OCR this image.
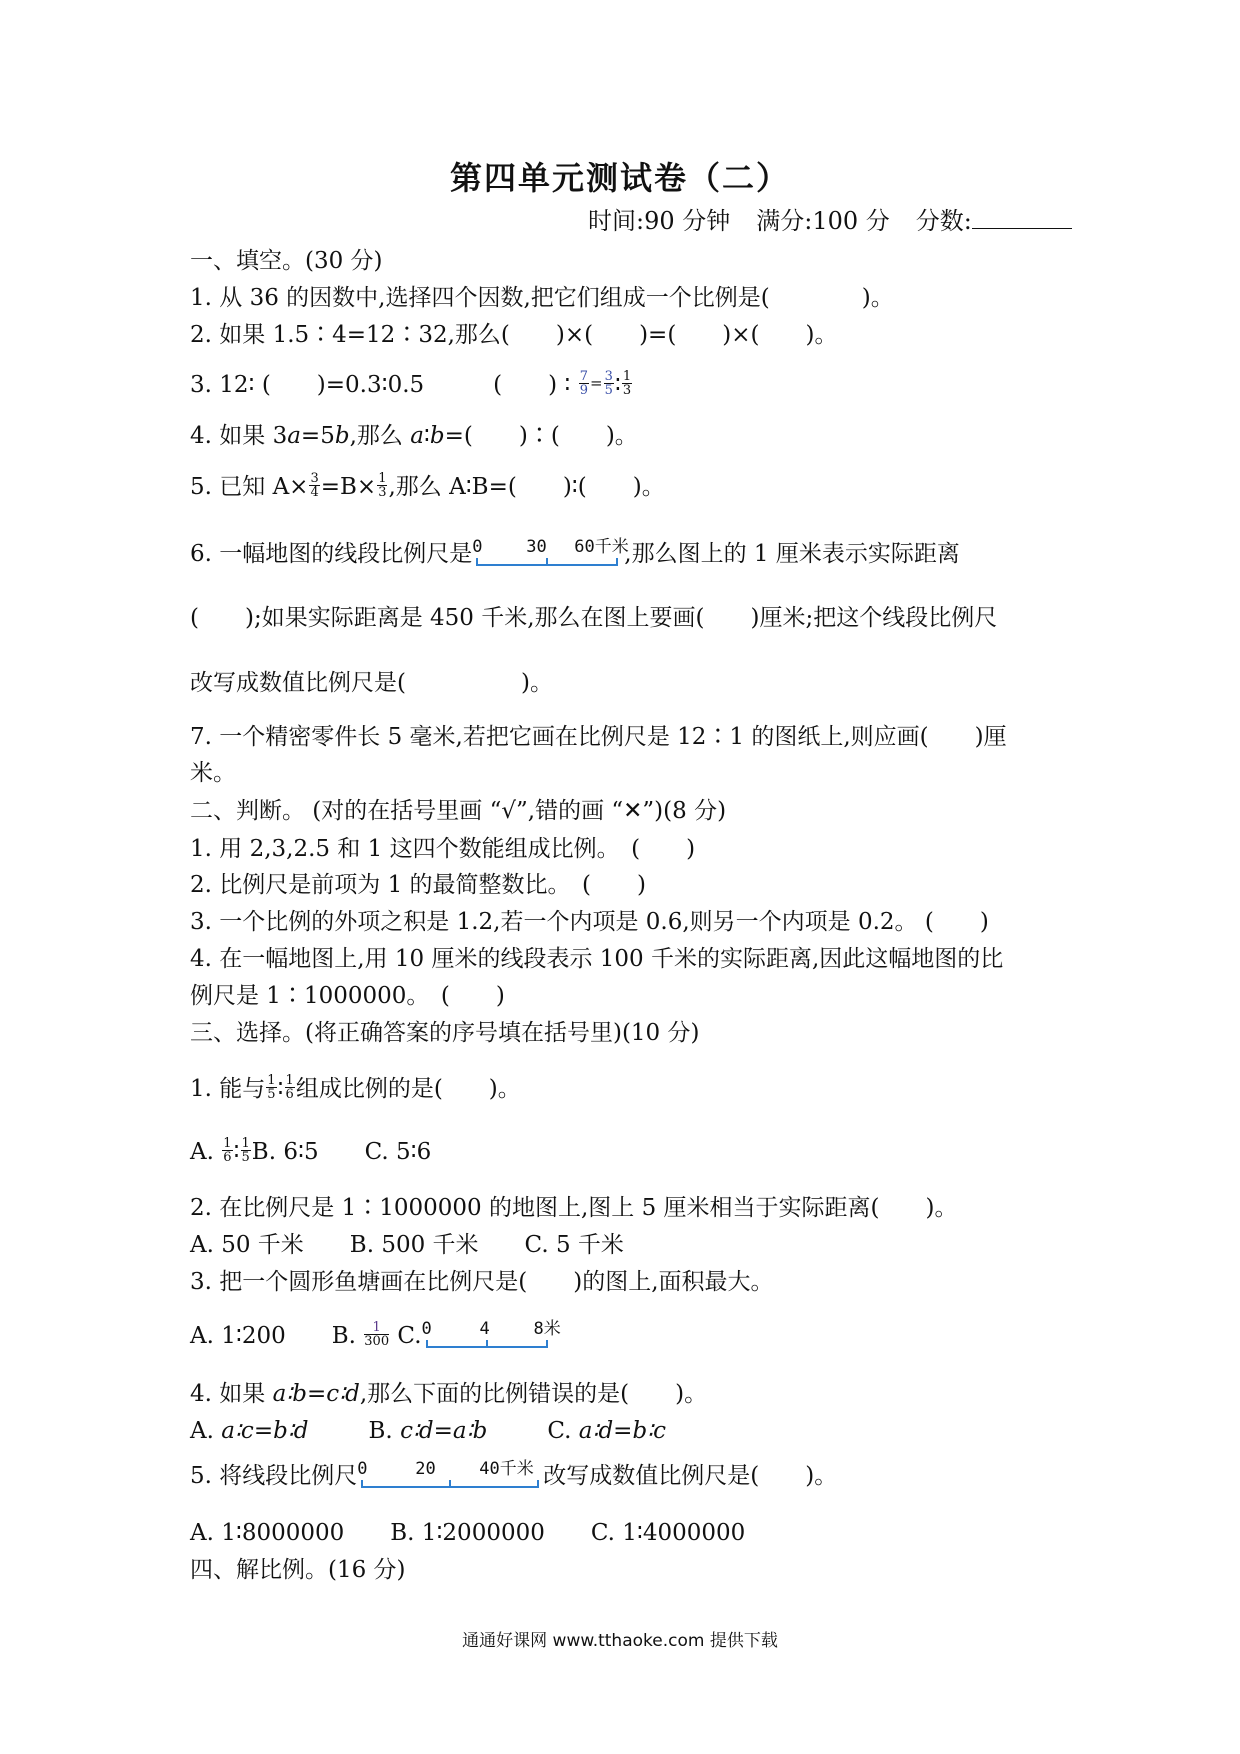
第四单元测试卷（二）
时间:90 分钟 满分:100 分 分数:
一、填空。(30 分)
1. 从 36 的因数中,选择四个因数,把它们组成一个比例是(　　　　)。
2. 如果 1.5∶4=12∶32,那么(　　)×(　　)=(　　)×(　　)。
3. 12∶ (　　)=0.3∶0.5　　　(　　) ∶ $\frac{7}{9} = \frac{3}{5}$ ∶ $\frac{1}{3}$
4. 如果 3a=5b,那么 a∶b=(　　)∶(　　)。
5. 已知 $A\times \frac{3}{4} =B\times \frac{1}{3}$ ,那么 A∶B=(　　)∶(　　)。
6. 一幅地图的线段比例尺是 0	30 60千米
,那么图上的 1 厘米表示实际距离
(　　);如果实际距离是 450 千米,那么在图上要画(　　)厘米;把这个线段比例尺
改写成数值比例尺是(　　　　　)。
7. 一个精密零件长 5 毫米,若把它画在比例尺是 12∶1 的图纸上,则应画(　　)厘
米。
二、判断。 (对的在括号里画 “√”,错的画 “✕”)(8 分)
1. 用 2,3,2.5 和 1 这四个数能组成比例。　(　　)
2. 比例尺是前项为 1 的最简整数比。　(　　)
3. 一个比例的外项之积是 1.2,若一个内项是 0.6,则另一个内项是 0.2。 (　　)
4. 在一幅地图上,用 10 厘米的线段表示 100 千米的实际距离,因此这幅地图的比
例尺是 1∶1000000。　(　　)
三、选择。(将正确答案的序号填在括号里)(10 分)
1. 能与 $\frac{1}{5}$ ∶ $\frac{1}{6}$ 组成比例的是(　　)。
A. $\frac{1}{6}$ ∶ $\frac{1}{5} B$. 6∶5　　C. 5∶6
2. 在比例尺是 1∶1000000 的地图上,图上 5 厘米相当于实际距离(　　)。
A. 50 千米　　B. 500 千米　　C. 5 千米
3. 把一个圆形鱼塘画在比例尺是(　　)的图上,面积最大。
A. 1∶200　　B. $\frac{1}{300} C$. 0	4	8米
4. 如果 a∶b=c∶d,那么下面的比例错误的是(　　)。
A. a∶c=b∶d	B. c∶d=a∶b	C. a∶d=b∶c
5. 将线段比例尺 0	20	40千米 改写成数值比例尺是(　　)。
A. 1∶8000000　　B. 1∶2000000　　C. 1∶4000000
四、解比例。(16 分)
通通好课网 www.tthaoke.com 提供下载
